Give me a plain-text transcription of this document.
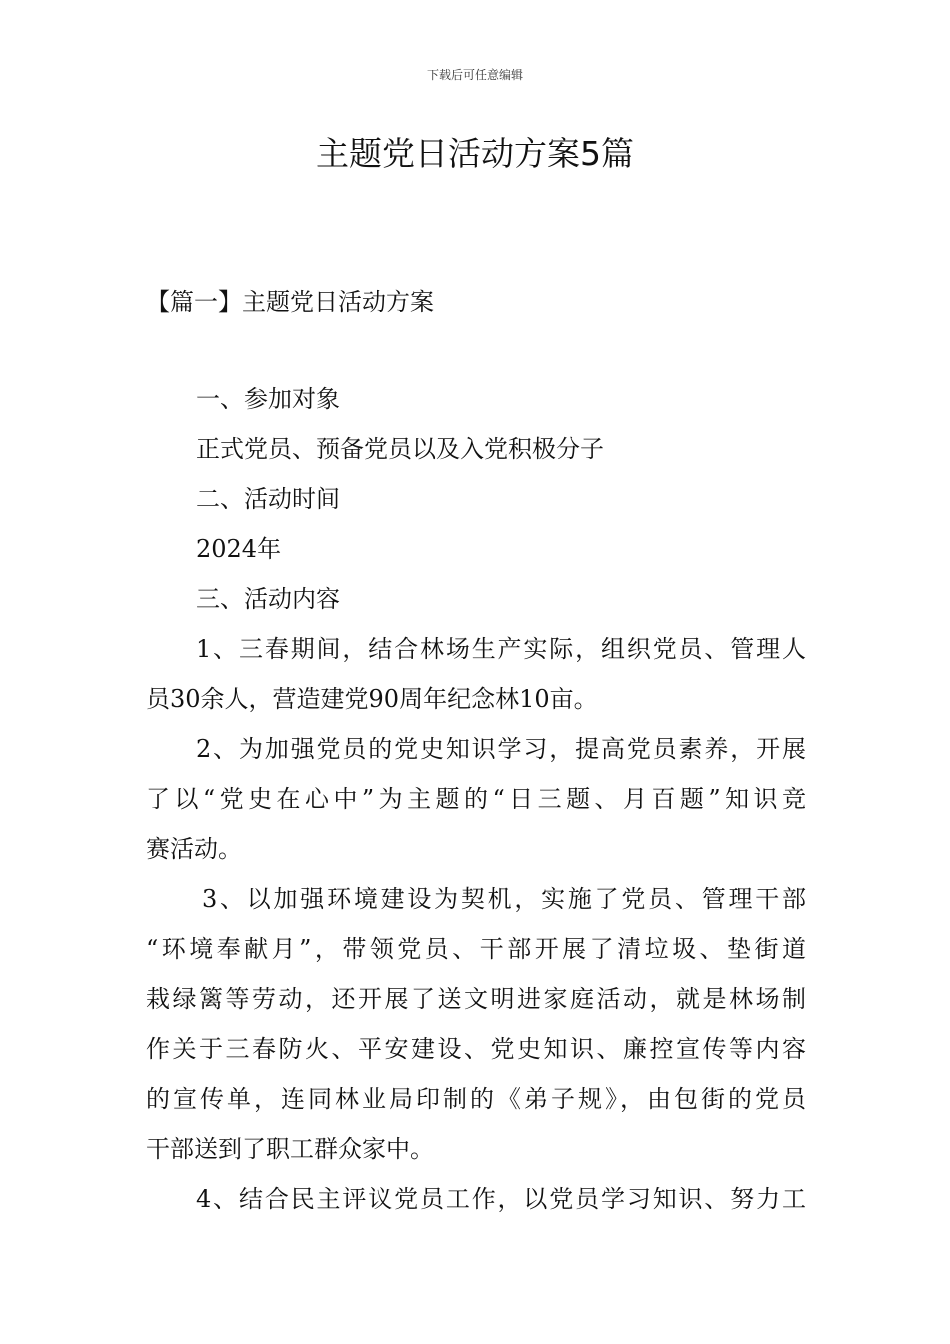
下载后可任意编辑
主题党日活动方案5篇
【篇一】主题党日活动方案
一、参加对象
正式党员、预备党员以及入党积极分子
二、活动时间
2024年
三、活动内容
1、三春期间，结合林场生产实际，组织党员、管理人
员30余人，营造建党90周年纪念林10亩。
2、为加强党员的党史知识学习，提高党员素养，开展
了以“党史在心中”为主题的“日三题、月百题”知识竞
赛活动。
3、以加强环境建设为契机，实施了党员、管理干部
“环境奉献月”，带领党员、干部开展了清垃圾、垫街道
栽绿篱等劳动，还开展了送文明进家庭活动，就是林场制
作关于三春防火、平安建设、党史知识、廉控宣传等内容
的宣传单，连同林业局印制的《弟子规》，由包街的党员
干部送到了职工群众家中。
4、结合民主评议党员工作，以党员学习知识、努力工
